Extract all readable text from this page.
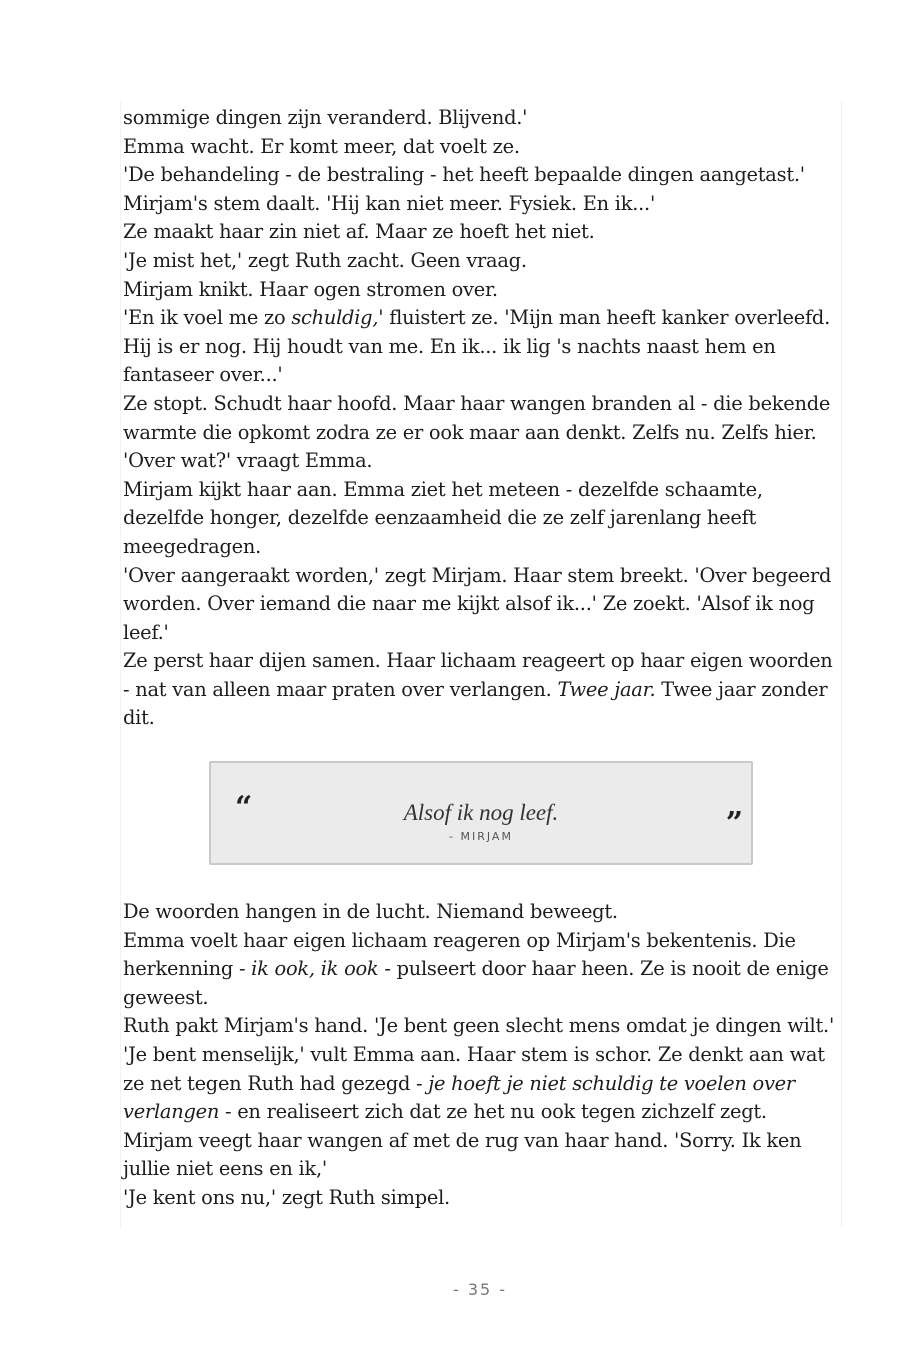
sommige dingen zijn veranderd. Blijvend.'

Emma wacht. Er komt meer, dat voelt ze.

'De behandeling - de bestraling - het heeft bepaalde dingen aangetast.'

Mirjam's stem daalt. 'Hij kan niet meer. Fysiek. En ik...'

Ze maakt haar zin niet af. Maar ze hoeft het niet.

'Je mist het,' zegt Ruth zacht. Geen vraag.

Mirjam knikt. Haar ogen stromen over.

'En ik voel me zo schuldig,' fluistert ze. 'Mijn man heeft kanker overleefd.

Hij is er nog. Hij houdt van me. En ik... ik lig 's nachts naast hem en

fantaseer over...'

Ze stopt. Schudt haar hoofd. Maar haar wangen branden al - die bekende

warmte die opkomt zodra ze er ook maar aan denkt. Zelfs nu. Zelfs hier.

'Over wat?' vraagt Emma.

Mirjam kijkt haar aan. Emma ziet het meteen - dezelfde schaamte,

dezelfde honger, dezelfde eenzaamheid die ze zelf jarenlang heeft

meegedragen.

'Over aangeraakt worden,' zegt Mirjam. Haar stem breekt. 'Over begeerd

worden. Over iemand die naar me kijkt alsof ik...' Ze zoekt. 'Alsof ik nog

leef.'

Ze perst haar dijen samen. Haar lichaam reageert op haar eigen woorden

- nat van alleen maar praten over verlangen. Twee jaar. Twee jaar zonder

dit.

“	Alsof ik nog leef.
- MIRJAM	”

De woorden hangen in de lucht. Niemand beweegt.

Emma voelt haar eigen lichaam reageren op Mirjam's bekentenis. Die

herkenning - ik ook, ik ook - pulseert door haar heen. Ze is nooit de enige

geweest.

Ruth pakt Mirjam's hand. 'Je bent geen slecht mens omdat je dingen wilt.'

'Je bent menselijk,' vult Emma aan. Haar stem is schor. Ze denkt aan wat

ze net tegen Ruth had gezegd - je hoeft je niet schuldig te voelen over

verlangen - en realiseert zich dat ze het nu ook tegen zichzelf zegt.

Mirjam veegt haar wangen af met de rug van haar hand. 'Sorry. Ik ken

jullie niet eens en ik,'

'Je kent ons nu,' zegt Ruth simpel.

- 35 -
